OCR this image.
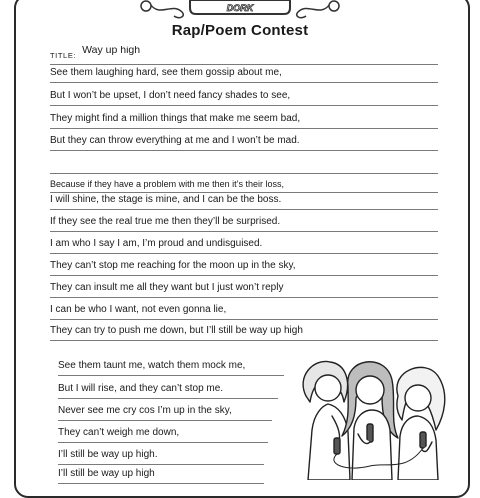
DORK
Rap/Poem Contest
TITLE: Way up high
See them laughing hard, see them gossip about me,
But I won’t be upset, I don’t need fancy shades to see,
They might find a million things that make me seem bad,
But they can throw everything at me and I won’t be mad.
Because if they have a problem with me then it’s their loss,
I will shine, the stage is mine, and I can be the boss.
If they see the real true me then they’ll be surprised.
I am who I say I am, I’m proud and undisguised.
They can’t stop me reaching for the moon up in the sky,
They can insult me all they want but I just won’t reply
I can be who I want, not even gonna lie,
They can try to push me down, but I’ll still be way up high
See them taunt me, watch them mock me,
But I will rise, and they can’t stop me.
Never see me cry cos I’m up in the sky,
They can’t weigh me down,
I’ll still be way up high.
I’ll still be way up high
